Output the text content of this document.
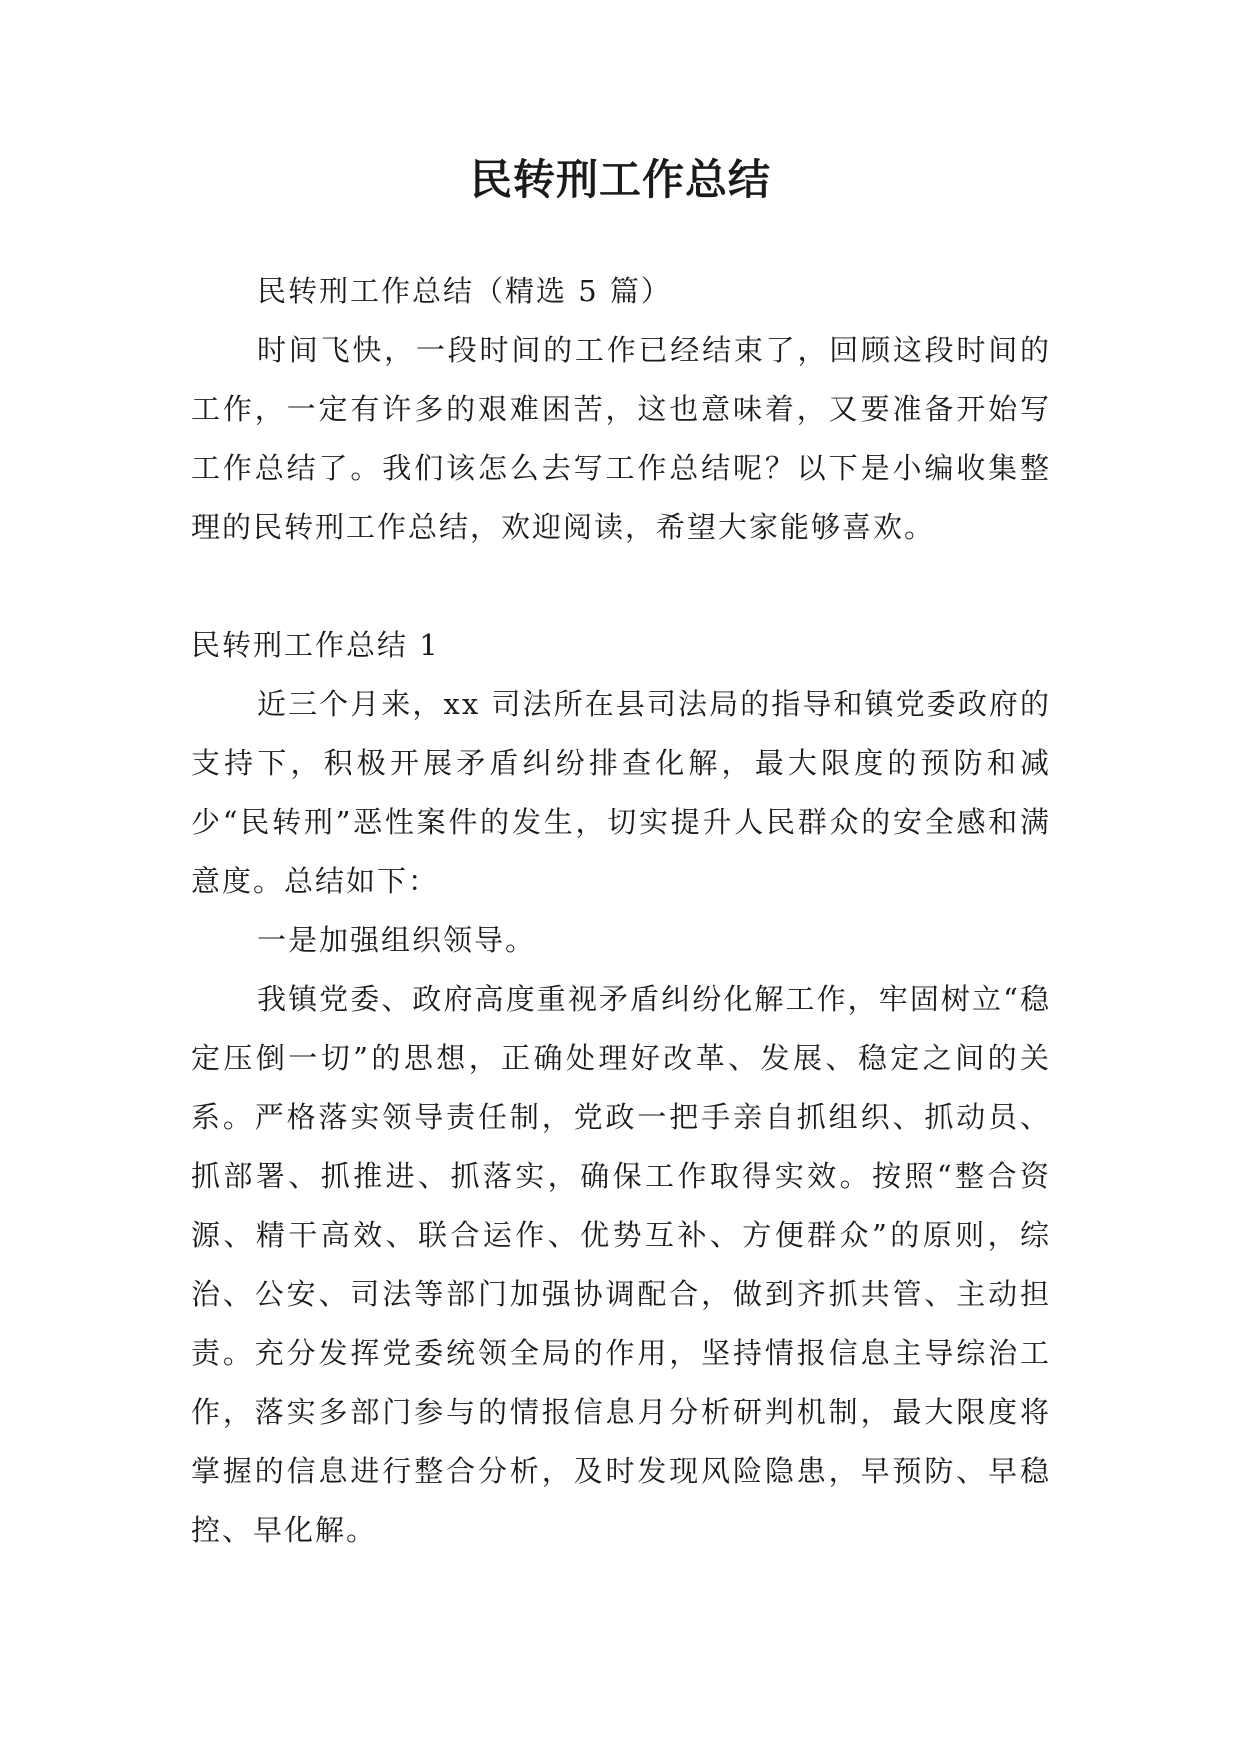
民转刑工作总结

民转刑工作总结（精选 5 篇）

时间飞快，一段时间的工作已经结束了，回顾这段时间的工作，一定有许多的艰难困苦，这也意味着，又要准备开始写工作总结了。我们该怎么去写工作总结呢？以下是小编收集整理的民转刑工作总结，欢迎阅读，希望大家能够喜欢。

民转刑工作总结 1

近三个月来，xx 司法所在县司法局的指导和镇党委政府的支持下，积极开展矛盾纠纷排查化解，最大限度的预防和减少“民转刑”恶性案件的发生，切实提升人民群众的安全感和满意度。总结如下：

一是加强组织领导。

我镇党委、政府高度重视矛盾纠纷化解工作，牢固树立“稳定压倒一切”的思想，正确处理好改革、发展、稳定之间的关系。严格落实领导责任制，党政一把手亲自抓组织、抓动员、抓部署、抓推进、抓落实，确保工作取得实效。按照“整合资源、精干高效、联合运作、优势互补、方便群众”的原则，综治、公安、司法等部门加强协调配合，做到齐抓共管、主动担责。充分发挥党委统领全局的作用，坚持情报信息主导综治工作，落实多部门参与的情报信息月分析研判机制，最大限度将掌握的信息进行整合分析，及时发现风险隐患，早预防、早稳控、早化解。
